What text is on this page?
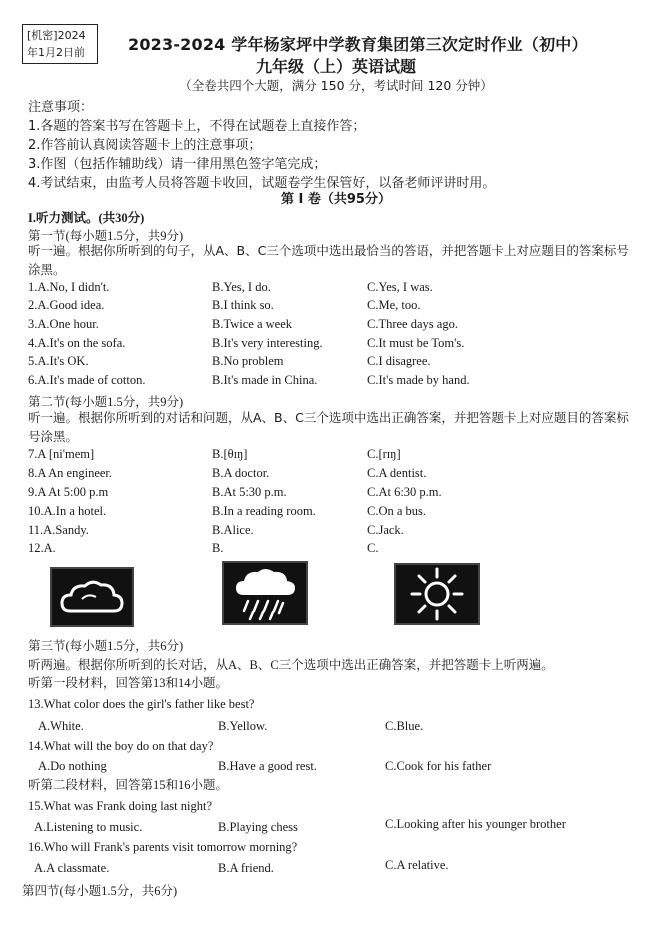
[机密]2024
年1月2日前	2023-2024 学年杨家坪中学教育集团第三次定时作业（初中）
九年级（上）英语试题
（全卷共四个大题，满分 150 分，考试时间 120 分钟）
注意事项：
1.各题的答案书写在答题卡上，不得在试题卷上直接作答；
2.作答前认真阅读答题卡上的注意事项；
3.作图（包括作辅助线）请一律用黑色签字笔完成；
4.考试结束，由监考人员将答题卡收回，试题卷学生保管好，以备老师评讲时用。
第 I 卷（共95分）
I.听力测试。(共30分)
第一节(每小题1.5分，共9分)
听一遍。根据你所听到的句子，从A、B、C三个选项中选出最恰当的答语，并把答题卡上对应题目的答案标号涂黑。
1.A.No, I didn't.	B.Yes, I do.	C.Yes, I was.
2.A.Good idea.	B.I think so.	C.Me, too.
3.A.One hour.	B.Twice a week	C.Three days ago.
4.A.It's on the sofa.	B.It's very interesting.	C.It must be Tom's.
5.A.It's OK.	B.No problem	C.I disagree.
6.A.It's made of cotton.	B.It's made in China.	C.It's made by hand.
第二节(每小题1.5分，共9分)
听一遍。根据你所听到的对话和问题，从A、B、C三个选项中选出正确答案，并把答题卡上对应题目的答案标号涂黑。
7.A [ni'mem]	B.[θɪŋ]	C.[rɪŋ]
8.A An engineer.	B.A doctor.	C.A dentist.
9.A At 5:00 p.m	B.At 5:30 p.m.	C.At 6:30 p.m.
10.A.In a hotel.	B.In a reading room.	C.On a bus.
11.A.Sandy.	B.Alice.	C.Jack.
12.A.	B.	C.
第三节(每小题1.5分，共6分)
听两遍。根据你所听到的长对话，从A、B、C三个选项中选出正确答案，并把答题卡上听两遍。
听第一段材料，回答第13和14小题。
13.What color does the girl's father like best?
A.White.	B.Yellow.	C.Blue.
14.What will the boy do on that day?
A.Do nothing	B.Have a good rest.	C.Cook for his father
听第二段材料，回答第15和16小题。
15.What was Frank doing last night?
A.Listening to music.	B.Playing chess	C.Looking after his younger brother
16.Who will Frank's parents visit tomorrow morning?
A.A classmate.	B.A friend.	C.A relative.
第四节(每小题1.5分，共6分)
